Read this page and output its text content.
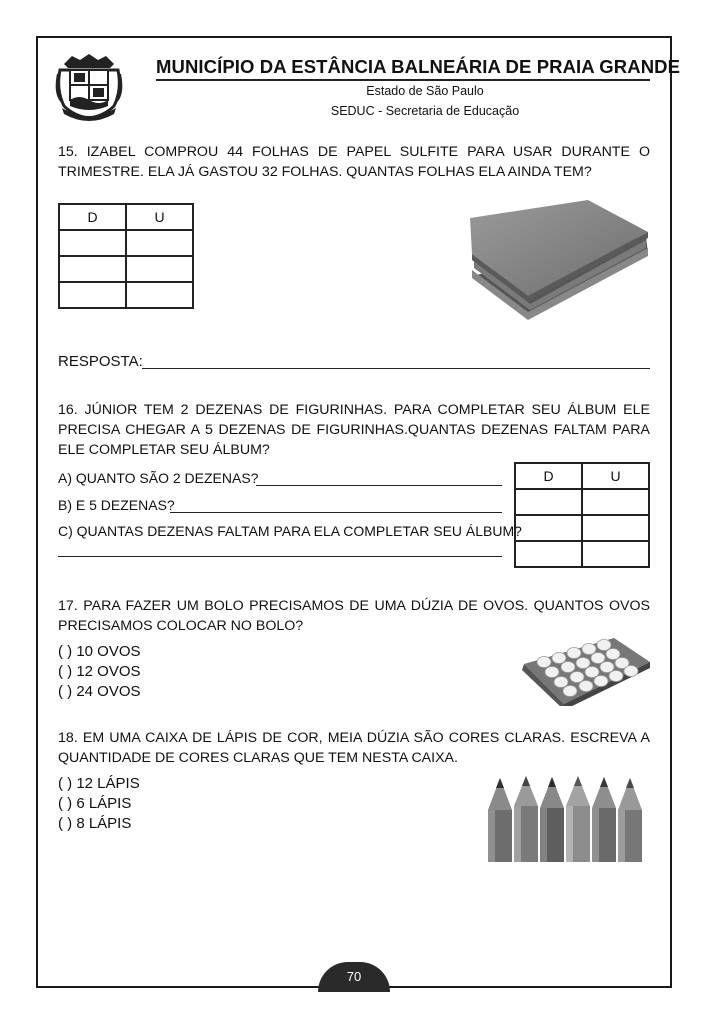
MUNICÍPIO DA ESTÂNCIA BALNEÁRIA DE PRAIA GRANDE
Estado de São Paulo
SEDUC - Secretaria de Educação
15. IZABEL COMPROU 44 FOLHAS DE PAPEL SULFITE PARA USAR DURANTE O TRIMESTRE. ELA JÁ GASTOU 32 FOLHAS. QUANTAS FOLHAS ELA AINDA TEM?
D	U

RESPOSTA:
16. JÚNIOR TEM 2 DEZENAS DE FIGURINHAS. PARA COMPLETAR SEU ÁLBUM ELE PRECISA CHEGAR A 5 DEZENAS DE FIGURINHAS.QUANTAS DEZENAS FALTAM PARA ELE COMPLETAR SEU ÁLBUM?
A) QUANTO SÃO 2 DEZENAS?
B) E 5 DEZENAS?
C) QUANTAS DEZENAS FALTAM PARA ELA COMPLETAR SEU ÁLBUM?
D	U

17. PARA FAZER UM BOLO PRECISAMOS DE UMA DÚZIA DE OVOS. QUANTOS OVOS PRECISAMOS COLOCAR NO BOLO?
( ) 10 OVOS
( ) 12 OVOS
( ) 24 OVOS
18. EM UMA CAIXA DE LÁPIS DE COR, MEIA DÚZIA SÃO CORES CLARAS. ESCREVA A QUANTIDADE DE CORES CLARAS QUE TEM NESTA CAIXA.
( ) 12 LÁPIS
( ) 6 LÁPIS
( ) 8 LÁPIS
70
